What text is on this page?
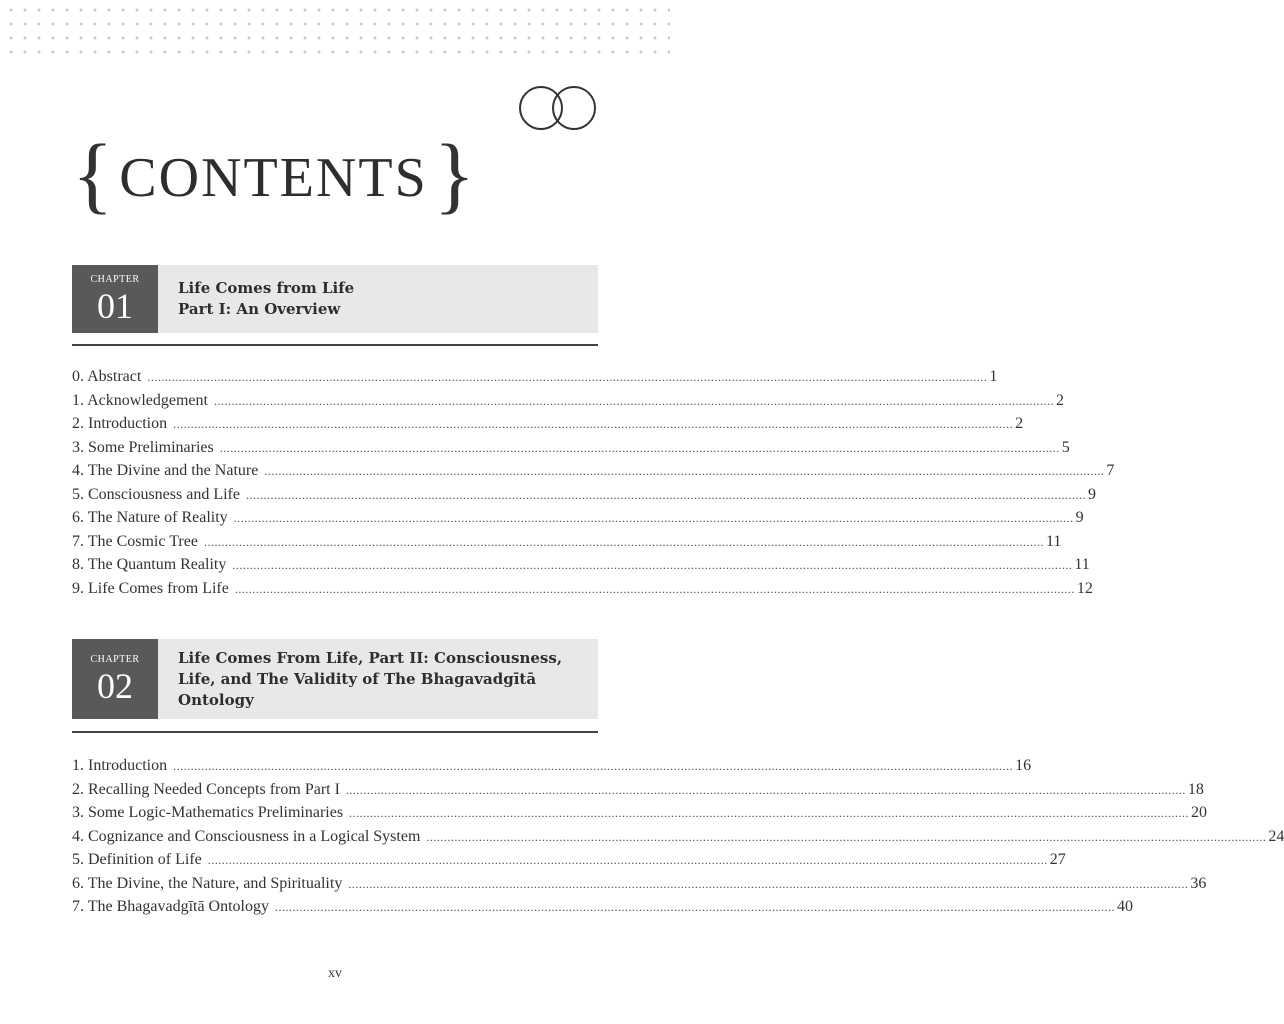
{ CONTENTS }
CHAPTER
01	Life Comes from Life
Part I: An Overview
0. Abstract ................................................................................................................................................................................................................................................ 1
1. Acknowledgement ................................................................................................................................................................................................................................................ 2
2. Introduction ................................................................................................................................................................................................................................................ 2
3. Some Preliminaries ................................................................................................................................................................................................................................................ 5
4. The Divine and the Nature ................................................................................................................................................................................................................................................ 7
5. Consciousness and Life ................................................................................................................................................................................................................................................ 9
6. The Nature of Reality ................................................................................................................................................................................................................................................ 9
7. The Cosmic Tree ................................................................................................................................................................................................................................................ 11
8. The Quantum Reality ................................................................................................................................................................................................................................................ 11
9. Life Comes from Life ................................................................................................................................................................................................................................................ 12
CHAPTER
02
Life Comes From Life, Part II: Consciousness,
Life, and The Validity of The Bhagavadgītā
Ontology
1. Introduction ................................................................................................................................................................................................................................................ 16
2. Recalling Needed Concepts from Part I ................................................................................................................................................................................................................................................ 18
3. Some Logic-Mathematics Preliminaries ................................................................................................................................................................................................................................................ 20
4. Cognizance and Consciousness in a Logical System ................................................................................................................................................................................................................................................ 24
5. Definition of Life ................................................................................................................................................................................................................................................ 27
6. The Divine, the Nature, and Spirituality ................................................................................................................................................................................................................................................ 36
7. The Bhagavadgītā Ontology ................................................................................................................................................................................................................................................ 40
xv
